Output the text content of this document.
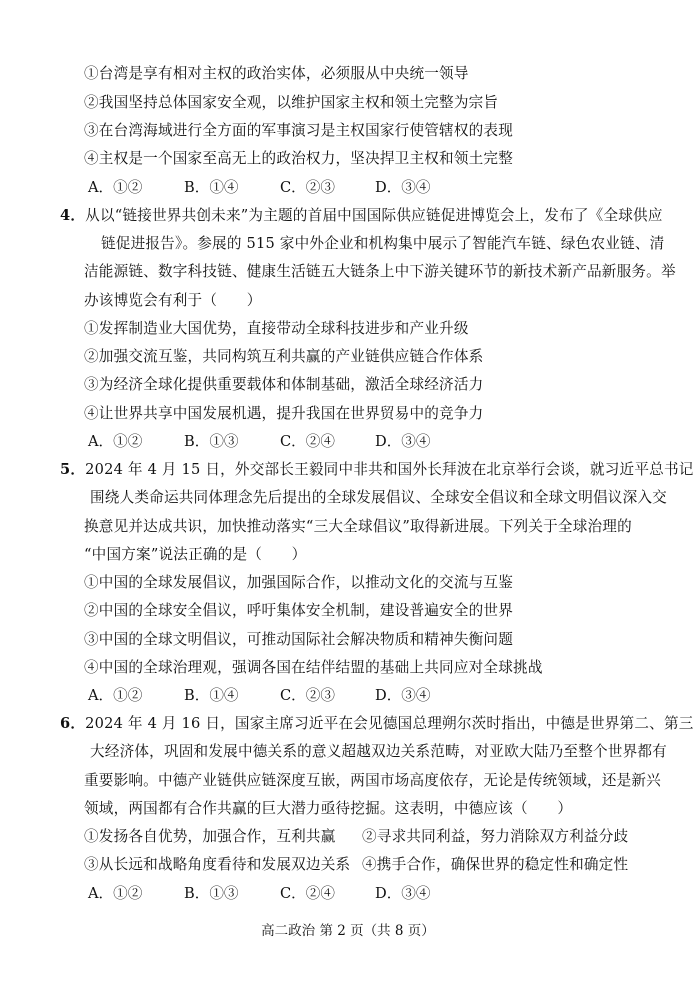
①台湾是享有相对主权的政治实体，必须服从中央统一领导
②我国坚持总体国家安全观，以维护国家主权和领土完整为宗旨
③在台湾海域进行全方面的军事演习是主权国家行使管辖权的表现
④主权是一个国家至高无上的政治权力，坚决捍卫主权和领土完整
A．①②	B．①④	C．②③	D．③④
4．从以“链接世界共创未来”为主题的首届中国国际供应链促进博览会上，发布了《全球供应
链促进报告》。参展的 515 家中外企业和机构集中展示了智能汽车链、绿色农业链、清
洁能源链、数字科技链、健康生活链五大链条上中下游关键环节的新技术新产品新服务。举
办该博览会有利于（　　）
①发挥制造业大国优势，直接带动全球科技进步和产业升级
②加强交流互鉴，共同构筑互利共赢的产业链供应链合作体系
③为经济全球化提供重要载体和体制基础，激活全球经济活力
④让世界共享中国发展机遇，提升我国在世界贸易中的竞争力
A．①②	B．①③	C．②④	D．③④
5．2024 年 4 月 15 日，外交部长王毅同中非共和国外长拜波在北京举行会谈，就习近平总书记
围绕人类命运共同体理念先后提出的全球发展倡议、全球安全倡议和全球文明倡议深入交
换意见并达成共识，加快推动落实“三大全球倡议”取得新进展。下列关于全球治理的
“中国方案”说法正确的是（　　）
①中国的全球发展倡议，加强国际合作，以推动文化的交流与互鉴
②中国的全球安全倡议，呼吁集体安全机制，建设普遍安全的世界
③中国的全球文明倡议，可推动国际社会解决物质和精神失衡问题
④中国的全球治理观，强调各国在结伴结盟的基础上共同应对全球挑战
A．①②	B．①④	C．②③	D．③④
6．2024 年 4 月 16 日，国家主席习近平在会见德国总理朔尔茨时指出，中德是世界第二、第三
大经济体，巩固和发展中德关系的意义超越双边关系范畴，对亚欧大陆乃至整个世界都有
重要影响。中德产业链供应链深度互嵌，两国市场高度依存，无论是传统领域，还是新兴
领域，两国都有合作共赢的巨大潜力亟待挖掘。这表明，中德应该（　　）
①发扬各自优势，加强合作，互利共赢 ②寻求共同利益，努力消除双方利益分歧
③从长远和战略角度看待和发展双边关系 ④携手合作，确保世界的稳定性和确定性
A．①②	B．①③	C．②④	D．③④
高二政治 第 2 页（共 8 页）
